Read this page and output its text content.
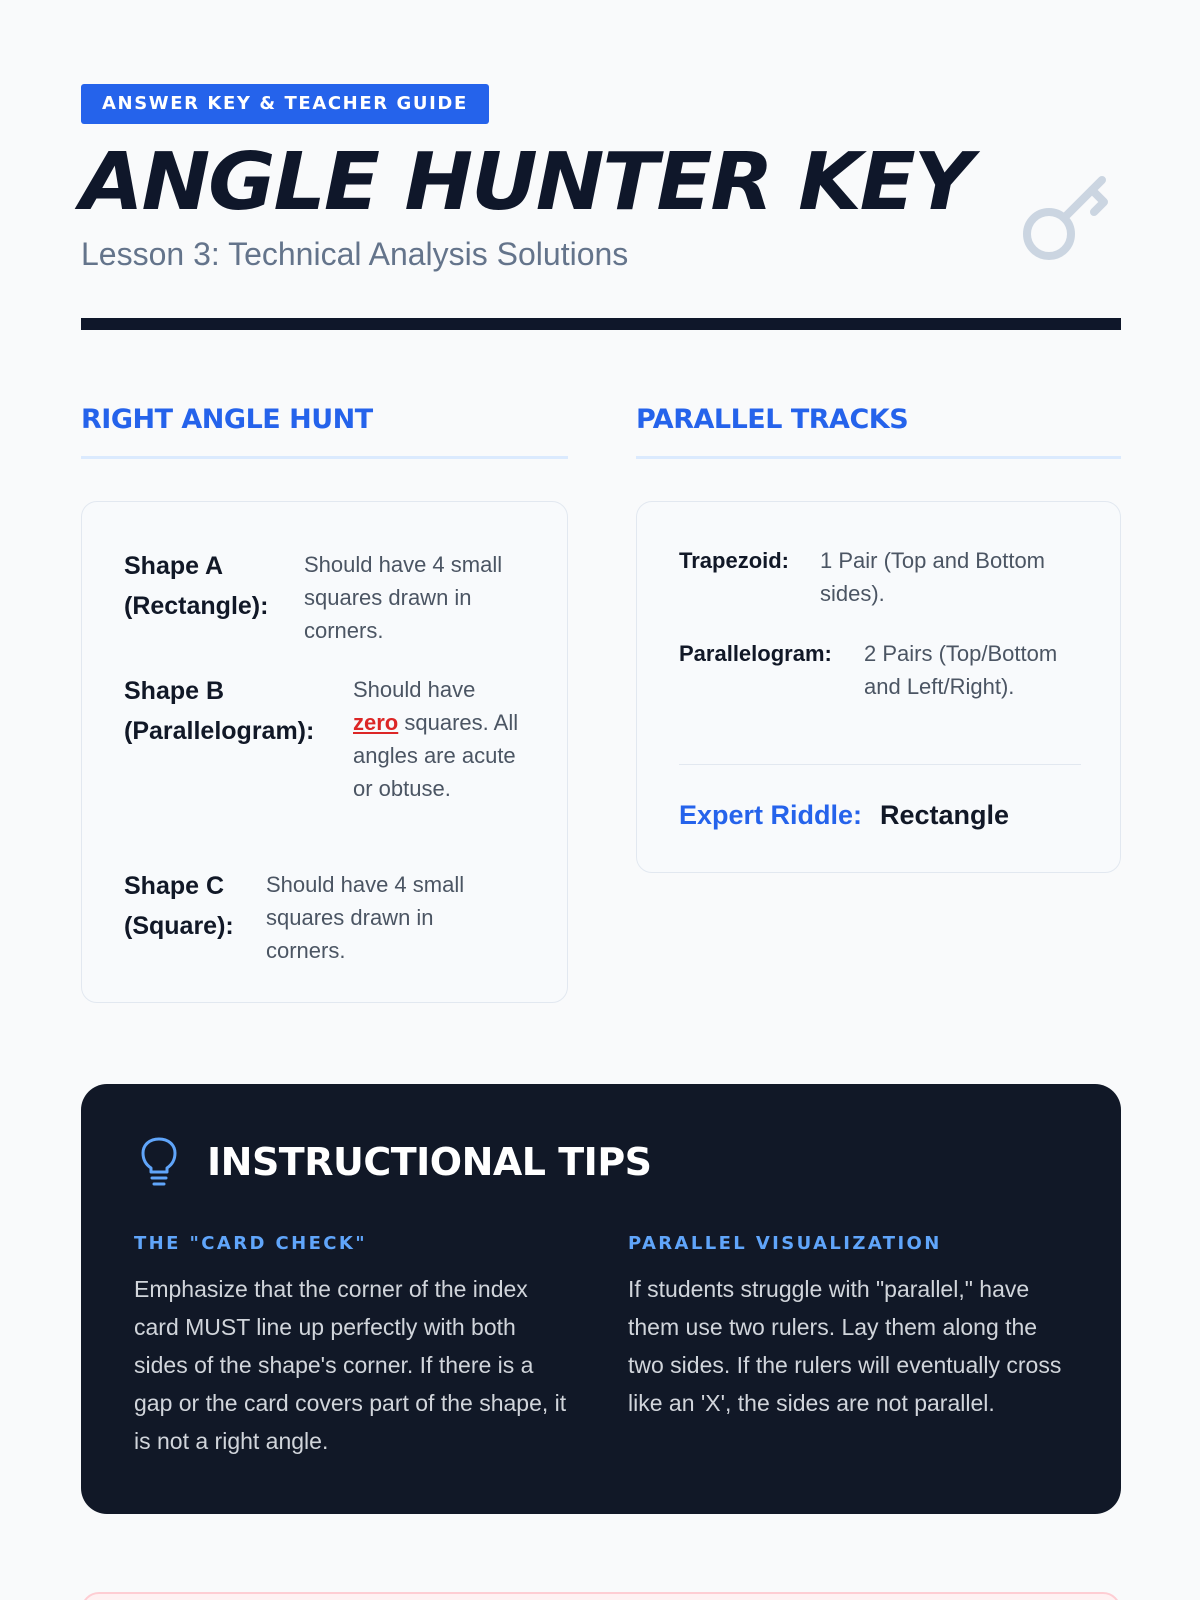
ANSWER KEY & TEACHER GUIDE
ANGLE HUNTER KEY
Lesson 3: Technical Analysis Solutions
RIGHT ANGLE HUNT
Shape A
(Rectangle):
Should have 4 small squares drawn in corners.
Shape B
(Parallelogram):
Should have zero squares. All angles are acute or obtuse.
Shape C
(Square):
Should have 4 small squares drawn in corners.
PARALLEL TRACKS
Trapezoid:	1 Pair (Top and Bottom sides).
Parallelogram:	2 Pairs (Top/Bottom and Left/Right).
Expert Riddle: Rectangle
INSTRUCTIONAL TIPS
THE "CARD CHECK"
Emphasize that the corner of the index card MUST line up perfectly with both sides of the shape's corner. If there is a gap or the card covers part of the shape, it is not a right angle.
PARALLEL VISUALIZATION
If students struggle with "parallel," have them use two rulers. Lay them along the two sides. If the rulers will eventually cross like an 'X', the sides are not parallel.
